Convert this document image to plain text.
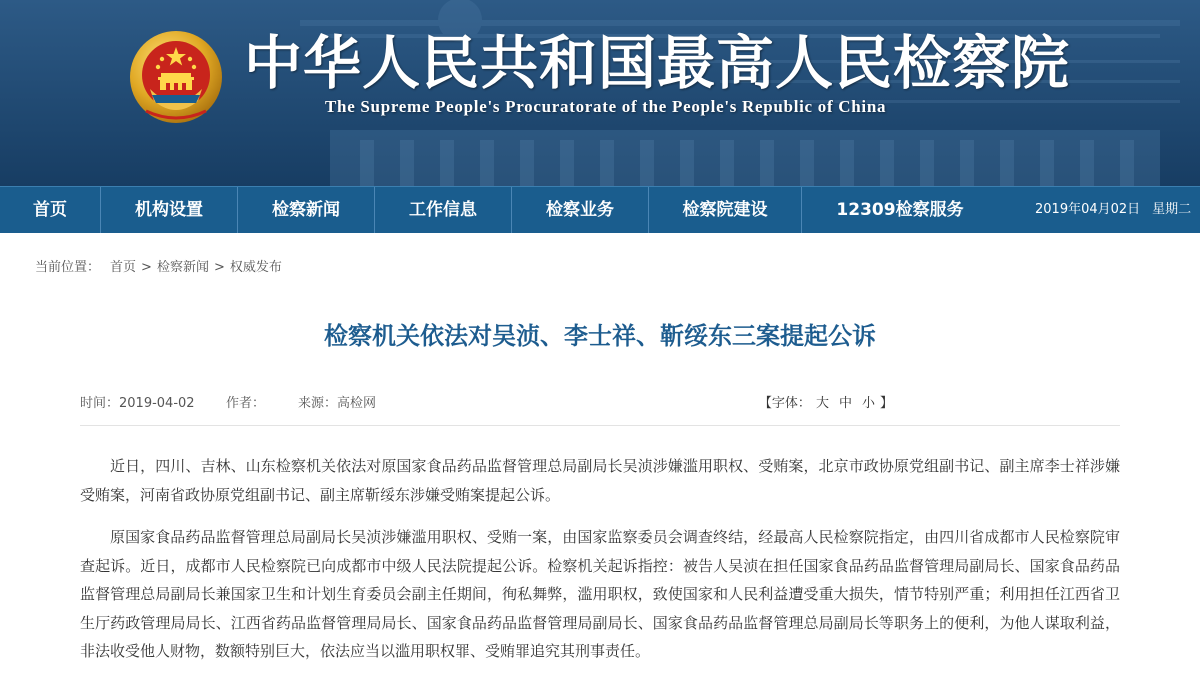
中华人民共和国最高人民检察院
The Supreme People's Procuratorate of the People's Republic of China
首页	机构设置	检察新闻	工作信息	检察业务	检察院建设	12309检察服务	2019年04月02日 星期二
当前位置： 首页 > 检察新闻 > 权威发布
检察机关依法对吴浈、李士祥、靳绥东三案提起公诉
时间：2019-04-02 作者：	来源：高检网	【字体： 大 中 小 】

近日，四川、吉林、山东检察机关依法对原国家食品药品监督管理总局副局长吴浈涉嫌滥用职权、受贿案，北京市政协原党组副书记、副主席李士祥涉嫌受贿案，河南省政协原党组副书记、副主席靳绥东涉嫌受贿案提起公诉。

原国家食品药品监督管理总局副局长吴浈涉嫌滥用职权、受贿一案，由国家监察委员会调查终结，经最高人民检察院指定，由四川省成都市人民检察院审查起诉。近日，成都市人民检察院已向成都市中级人民法院提起公诉。检察机关起诉指控：被告人吴浈在担任国家食品药品监督管理局副局长、国家食品药品监督管理总局副局长兼国家卫生和计划生育委员会副主任期间，徇私舞弊，滥用职权，致使国家和人民利益遭受重大损失，情节特别严重；利用担任江西省卫生厅药政管理局局长、江西省药品监督管理局局长、国家食品药品监督管理局副局长、国家食品药品监督管理总局副局长等职务上的便利，为他人谋取利益，非法收受他人财物，数额特别巨大，依法应当以滥用职权罪、受贿罪追究其刑事责任。
